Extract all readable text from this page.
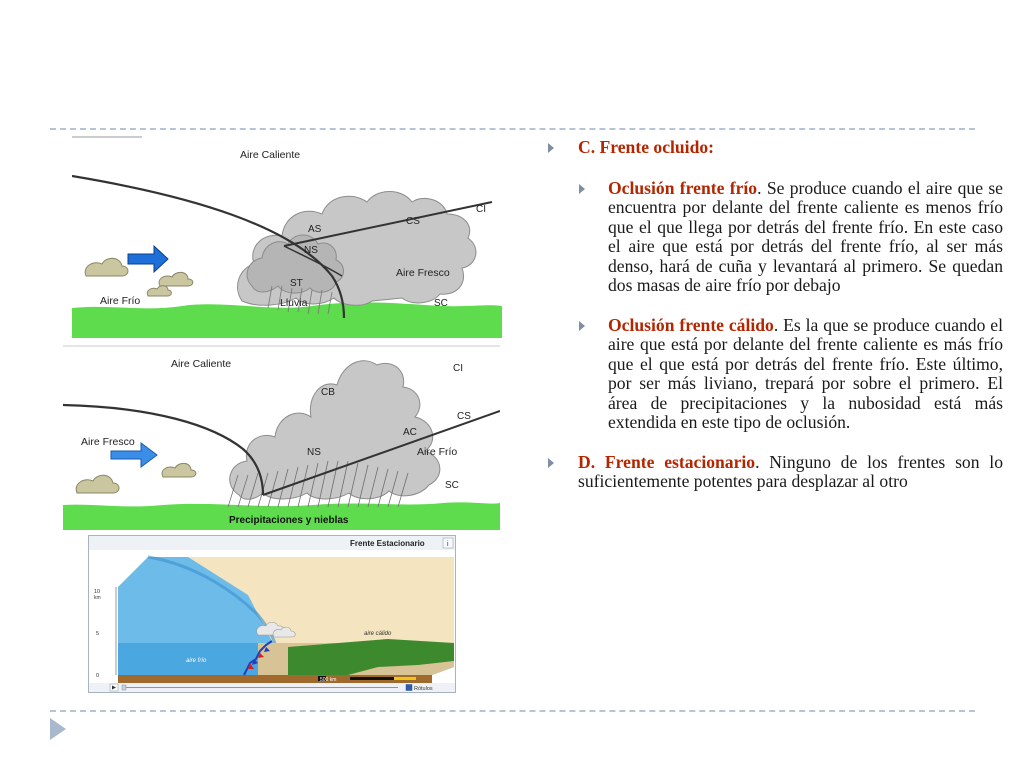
Aire Caliente
Aire Frío
Aire Fresco
Lluvia
CI
CS
AS
NS
ST
SC
Aire Caliente
Aire Fresco
Aire Frío
CI
CB
CS
AC
NS
SC
Precipitaciones y nieblas
Frente Estacionario	i
10
km
5
0
aire frío
aire cálido
500 km
Rótulos
C. Frente ocluido:
Oclusión frente frío. Se produce cuando el aire que se encuentra por delante del frente caliente es menos frío que el que llega por detrás del frente frío. En este caso el aire que está por detrás del frente frío, al ser más denso, hará de cuña y levantará al primero. Se quedan dos masas de aire frío por debajo
Oclusión frente cálido. Es la que se produce cuando el aire que está por delante del frente caliente es más frío que el que está por detrás del frente frío. Este último, por ser más liviano, trepará por sobre el primero. El área de precipitaciones y la nubosidad está más extendida en este tipo de oclusión.
D. Frente estacionario. Ninguno de los frentes son lo suficientemente potentes para desplazar al otro
